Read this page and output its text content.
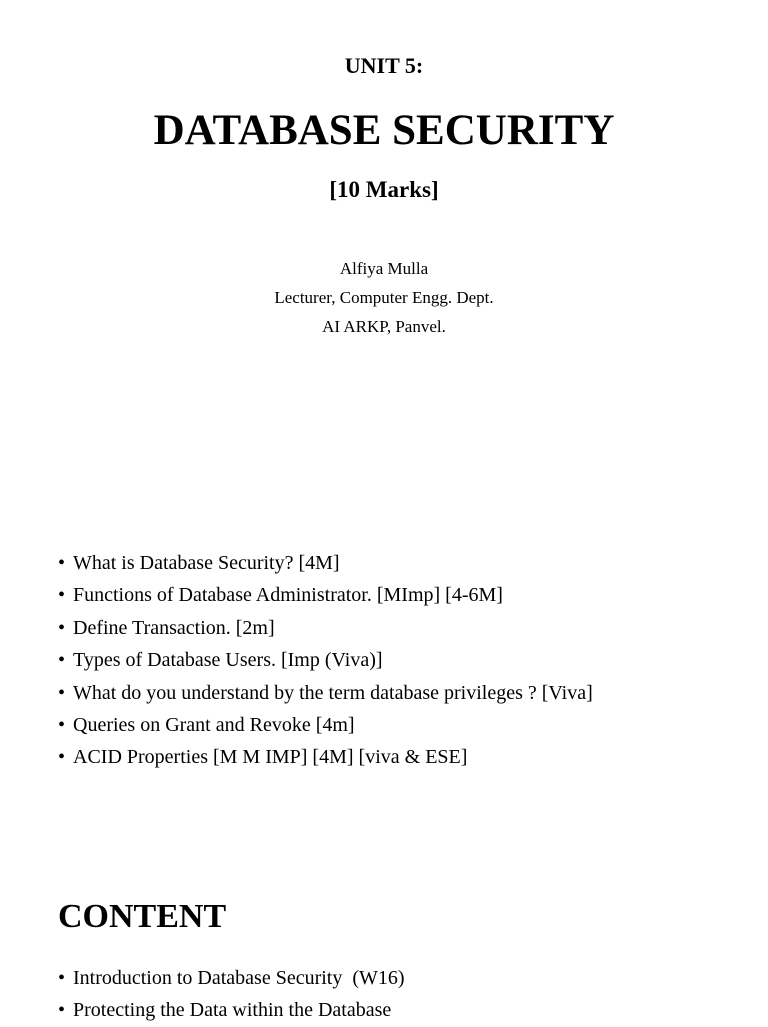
UNIT 5:
DATABASE SECURITY
[10 Marks]
Alfiya Mulla
Lecturer, Computer Engg. Dept.
AI ARKP, Panvel.
• What is Database Security? [4M]
• Functions of Database Administrator. [MImp] [4-6M]
• Define Transaction. [2m]
• Types of Database Users. [Imp (Viva)]
• What do you understand by the term database privileges ? [Viva]
• Queries on Grant and Revoke [4m]
• ACID Properties [M M IMP] [4M] [viva & ESE]
CONTENT
• Introduction to Database Security  (W16)
• Protecting the Data within the Database
